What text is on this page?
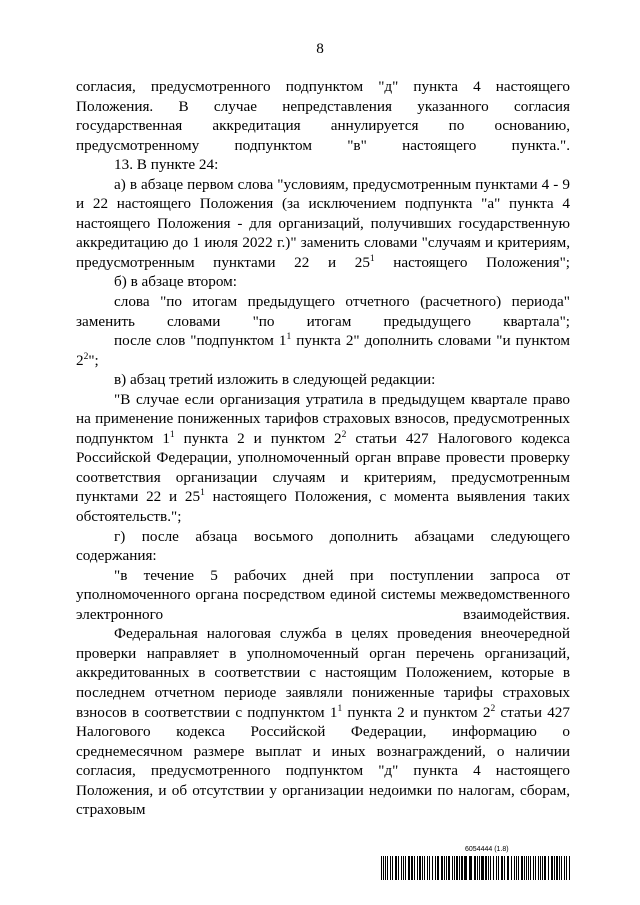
8

согласия, предусмотренного подпунктом "д" пункта 4 настоящего Положения. В случае непредставления указанного согласия государственная аккредитация аннулируется по основанию, предусмотренному подпунктом "в" настоящего пункта.".

13. В пункте 24:

а) в абзаце первом слова "условиям, предусмотренным пунктами 4 - 9 и 22 настоящего Положения (за исключением подпункта "а" пункта 4 настоящего Положения - для организаций, получивших государственную аккредитацию до 1 июля 2022 г.)" заменить словами "случаям и критериям, предусмотренным пунктами 22 и $25^1$ настоящего Положения";

б) в абзаце втором:

слова "по итогам предыдущего отчетного (расчетного) периода" заменить словами "по итогам предыдущего квартала";

после слов "подпунктом $1^1$ пункта 2" дополнить словами "и пунктом $2^2$";

в) абзац третий изложить в следующей редакции:

"В случае если организация утратила в предыдущем квартале право на применение пониженных тарифов страховых взносов, предусмотренных подпунктом $1^1$ пункта 2 и пунктом $2^2$ статьи 427 Налогового кодекса Российской Федерации, уполномоченный орган вправе провести проверку соответствия организации случаям и критериям, предусмотренным пунктами 22 и $25^1$ настоящего Положения, с момента выявления таких обстоятельств.";

г) после абзаца восьмого дополнить абзацами следующего содержания:

"в течение 5 рабочих дней при поступлении запроса от уполномоченного органа посредством единой системы межведомственного электронного взаимодействия.

Федеральная налоговая служба в целях проведения внеочередной проверки направляет в уполномоченный орган перечень организаций, аккредитованных в соответствии с настоящим Положением, которые в последнем отчетном периоде заявляли пониженные тарифы страховых взносов в соответствии с подпунктом $1^1$ пункта 2 и пунктом $2^2$ статьи 427 Налогового кодекса Российской Федерации, информацию о среднемесячном размере выплат и иных вознаграждений, о наличии согласия, предусмотренного подпунктом "д" пункта 4 настоящего Положения, и об отсутствии у организации недоимки по налогам, сборам, страховым

6054444 (1.8)
